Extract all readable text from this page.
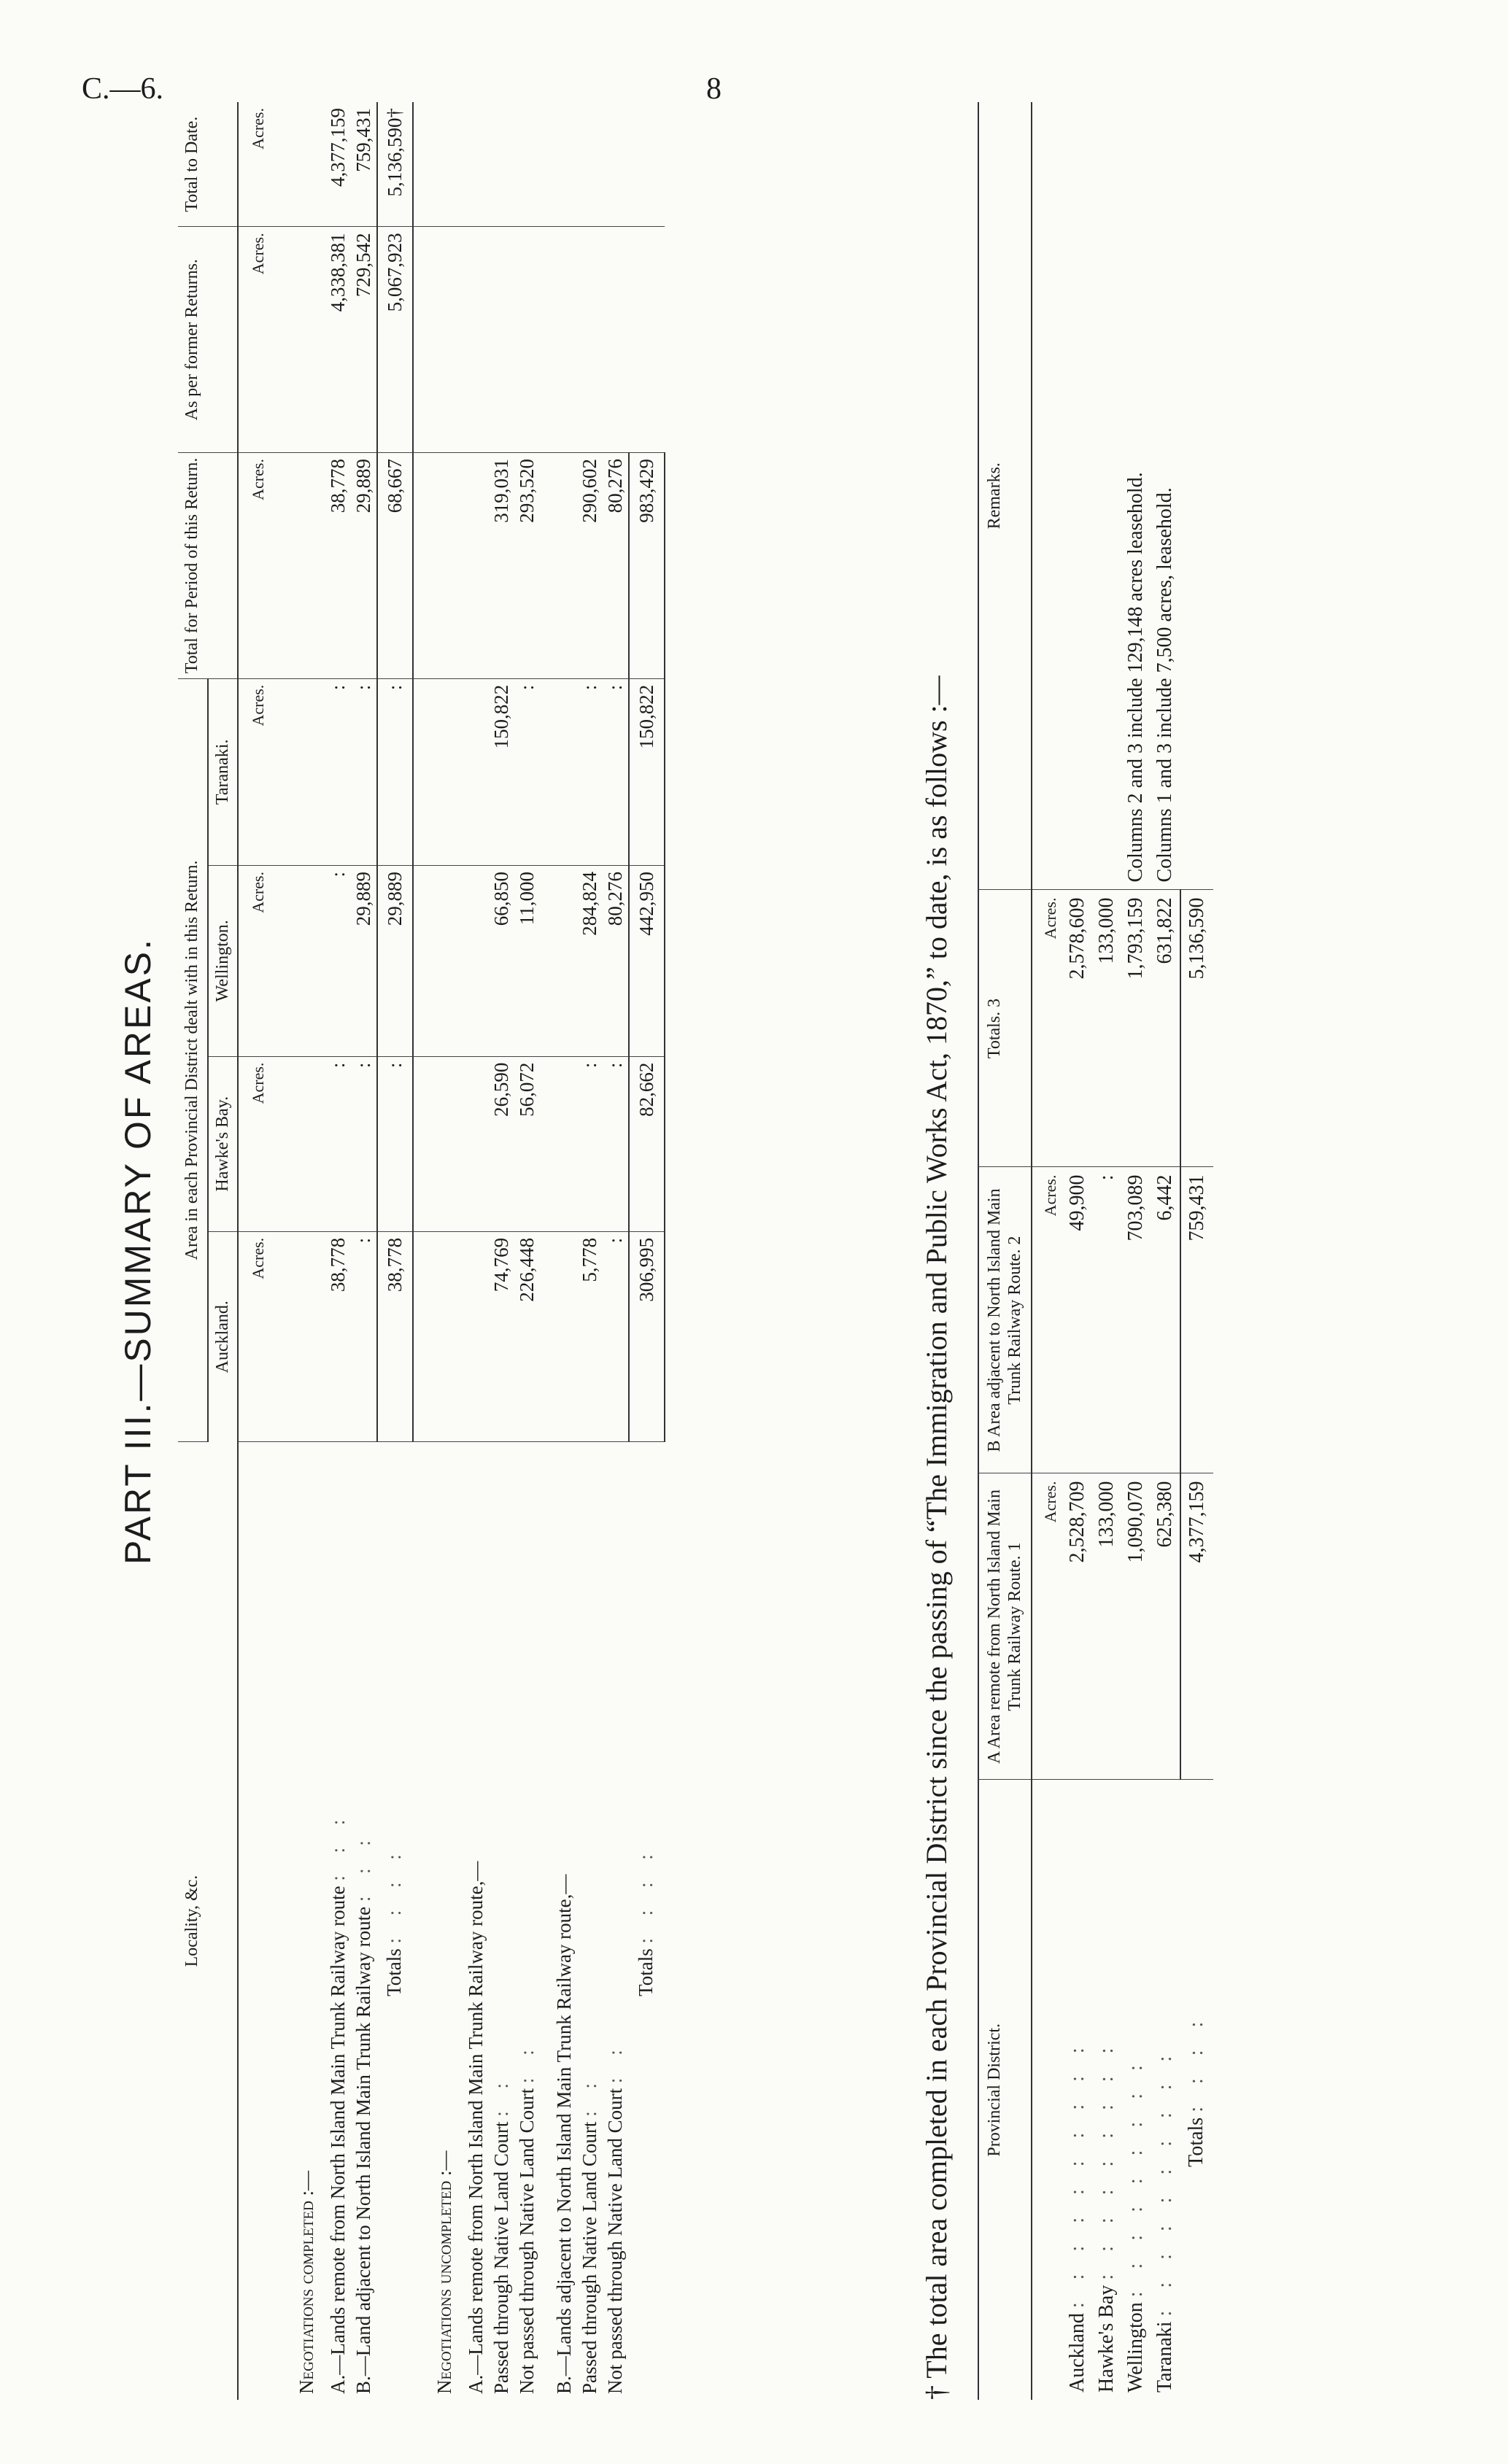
C.—6.	8
PART III.—SUMMARY OF AREAS.
Locality, &c.	Area in each Provincial District dealt with in this Return.				Total for Period of this Return.	As per former Returns.	Total to Date.
	Auckland.	Hawke's Bay.	Wellington.	Taranaki.			
	Acres.	Acres.	Acres.	Acres.	Acres.	Acres.	Acres.
Negotiations completed :—							
A.—Lands remote from North Island Main Trunk Railway route : : :	38,778	:	:	:	38,778	4,338,381	4,377,159
B.—Land adjacent to North Island Main Trunk Railway route : : :	:	:	29,889	:	29,889	729,542	759,431
Totals : : : :	38,778	:	29,889	:	68,667	5,067,923	5,136,590†
Negotiations uncompleted :—							
A.—Lands remote from North Island Main Trunk Railway route,—							
Passed through Native Land Court : :	74,769	26,590	66,850	150,822	319,031		
Not passed through Native Land Court : :	226,448	56,072	11,000	:	293,520		
B.—Lands adjacent to North Island Main Trunk Railway route,—							
Passed through Native Land Court : :	5,778	:	284,824	:	290,602		
Not passed through Native Land Court : :	:	:	80,276	:	80,276		
Totals : : : :	306,995	82,662	442,950	150,822	983,429		
† The total area completed in each Provincial District since the passing of “The Immigration and Public Works Act, 1870,” to date, is as follows :— Provincial District.	A Area remote from North Island Main Trunk Railway Route. 1	B Area adjacent to North Island Main Trunk Railway Route. 2	Totals. 3	Remarks.
	Acres.	Acres.	Acres.	
Auckland : : : : : : : : : :	2,528,709	49,900	2,578,609	
Hawke's Bay : : : : : : : : :	133,000	:	133,000	
Wellington : : : : : : : : :	1,090,070	703,089	1,793,159	Columns 2 and 3 include 129,148 acres leasehold.
Taranaki : : : : : : : : : :	625,380	6,442	631,822	Columns 1 and 3 include 7,500 acres, leasehold.
Totals : : : :	4,377,159	759,431	5,136,590	
